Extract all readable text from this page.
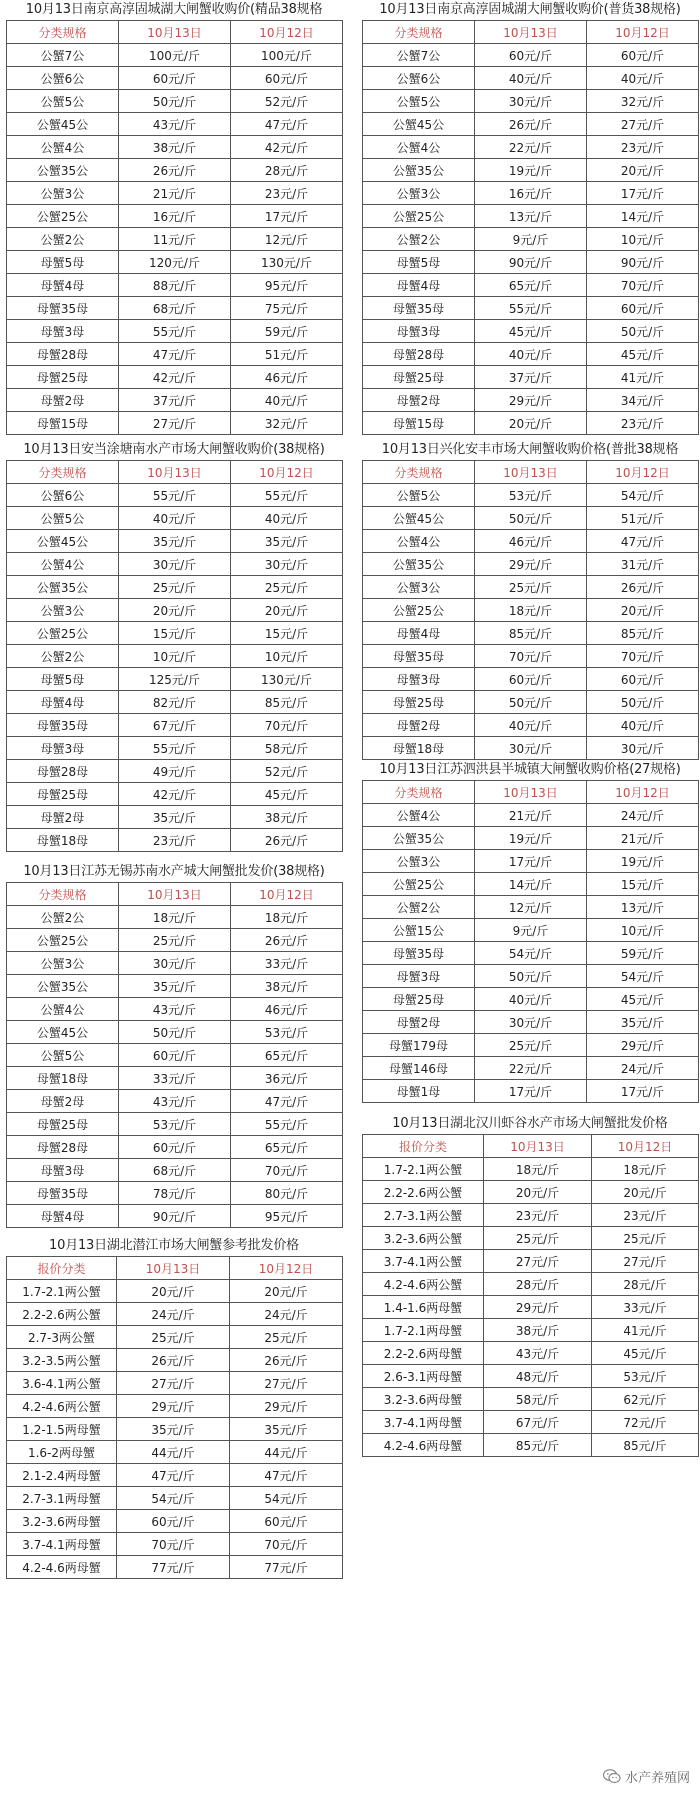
10月13日南京高淳固城湖大闸蟹收购价(精品38规格
分类规格	10月13日	10月12日
公蟹7公	100元/斤	100元/斤
公蟹6公	60元/斤	60元/斤
公蟹5公	50元/斤	52元/斤
公蟹45公	43元/斤	47元/斤
公蟹4公	38元/斤	42元/斤
公蟹35公	26元/斤	28元/斤
公蟹3公	21元/斤	23元/斤
公蟹25公	16元/斤	17元/斤
公蟹2公	11元/斤	12元/斤
母蟹5母	120元/斤	130元/斤
母蟹4母	88元/斤	95元/斤
母蟹35母	68元/斤	75元/斤
母蟹3母	55元/斤	59元/斤
母蟹28母	47元/斤	51元/斤
母蟹25母	42元/斤	46元/斤
母蟹2母	37元/斤	40元/斤
母蟹15母	27元/斤	32元/斤
10月13日安当涂塘南水产市场大闸蟹收购价(38规格)
分类规格	10月13日	10月12日
公蟹6公	55元/斤	55元/斤
公蟹5公	40元/斤	40元/斤
公蟹45公	35元/斤	35元/斤
公蟹4公	30元/斤	30元/斤
公蟹35公	25元/斤	25元/斤
公蟹3公	20元/斤	20元/斤
公蟹25公	15元/斤	15元/斤
公蟹2公	10元/斤	10元/斤
母蟹5母	125元/斤	130元/斤
母蟹4母	82元/斤	85元/斤
母蟹35母	67元/斤	70元/斤
母蟹3母	55元/斤	58元/斤
母蟹28母	49元/斤	52元/斤
母蟹25母	42元/斤	45元/斤
母蟹2母	35元/斤	38元/斤
母蟹18母	23元/斤	26元/斤
10月13日江苏无锡苏南水产城大闸蟹批发价(38规格)
分类规格	10月13日	10月12日
公蟹2公	18元/斤	18元/斤
公蟹25公	25元/斤	26元/斤
公蟹3公	30元/斤	33元/斤
公蟹35公	35元/斤	38元/斤
公蟹4公	43元/斤	46元/斤
公蟹45公	50元/斤	53元/斤
公蟹5公	60元/斤	65元/斤
母蟹18母	33元/斤	36元/斤
母蟹2母	43元/斤	47元/斤
母蟹25母	53元/斤	55元/斤
母蟹28母	60元/斤	65元/斤
母蟹3母	68元/斤	70元/斤
母蟹35母	78元/斤	80元/斤
母蟹4母	90元/斤	95元/斤
10月13日湖北潜江市场大闸蟹参考批发价格
报价分类	10月13日	10月12日
1.7-2.1两公蟹	20元/斤	20元/斤
2.2-2.6两公蟹	24元/斤	24元/斤
2.7-3两公蟹	25元/斤	25元/斤
3.2-3.5两公蟹	26元/斤	26元/斤
3.6-4.1两公蟹	27元/斤	27元/斤
4.2-4.6两公蟹	29元/斤	29元/斤
1.2-1.5两母蟹	35元/斤	35元/斤
1.6-2两母蟹	44元/斤	44元/斤
2.1-2.4两母蟹	47元/斤	47元/斤
2.7-3.1两母蟹	54元/斤	54元/斤
3.2-3.6两母蟹	60元/斤	60元/斤
3.7-4.1两母蟹	70元/斤	70元/斤
4.2-4.6两母蟹	77元/斤	77元/斤
10月13日南京高淳固城湖大闸蟹收购价(普货38规格)
分类规格	10月13日	10月12日
公蟹7公	60元/斤	60元/斤
公蟹6公	40元/斤	40元/斤
公蟹5公	30元/斤	32元/斤
公蟹45公	26元/斤	27元/斤
公蟹4公	22元/斤	23元/斤
公蟹35公	19元/斤	20元/斤
公蟹3公	16元/斤	17元/斤
公蟹25公	13元/斤	14元/斤
公蟹2公	9元/斤	10元/斤
母蟹5母	90元/斤	90元/斤
母蟹4母	65元/斤	70元/斤
母蟹35母	55元/斤	60元/斤
母蟹3母	45元/斤	50元/斤
母蟹28母	40元/斤	45元/斤
母蟹25母	37元/斤	41元/斤
母蟹2母	29元/斤	34元/斤
母蟹15母	20元/斤	23元/斤
10月13日兴化安丰市场大闸蟹收购价格(普批38规格
分类规格	10月13日	10月12日
公蟹5公	53元/斤	54元/斤
公蟹45公	50元/斤	51元/斤
公蟹4公	46元/斤	47元/斤
公蟹35公	29元/斤	31元/斤
公蟹3公	25元/斤	26元/斤
公蟹25公	18元/斤	20元/斤
母蟹4母	85元/斤	85元/斤
母蟹35母	70元/斤	70元/斤
母蟹3母	60元/斤	60元/斤
母蟹25母	50元/斤	50元/斤
母蟹2母	40元/斤	40元/斤
母蟹18母	30元/斤	30元/斤
10月13日江苏泗洪县半城镇大闸蟹收购价格(27规格)
分类规格	10月13日	10月12日
公蟹4公	21元/斤	24元/斤
公蟹35公	19元/斤	21元/斤
公蟹3公	17元/斤	19元/斤
公蟹25公	14元/斤	15元/斤
公蟹2公	12元/斤	13元/斤
公蟹15公	9元/斤	10元/斤
母蟹35母	54元/斤	59元/斤
母蟹3母	50元/斤	54元/斤
母蟹25母	40元/斤	45元/斤
母蟹2母	30元/斤	35元/斤
母蟹179母	25元/斤	29元/斤
母蟹146母	22元/斤	24元/斤
母蟹1母	17元/斤	17元/斤
10月13日湖北汉川虾谷水产市场大闸蟹批发价格
报价分类	10月13日	10月12日
1.7-2.1两公蟹	18元/斤	18元/斤
2.2-2.6两公蟹	20元/斤	20元/斤
2.7-3.1两公蟹	23元/斤	23元/斤
3.2-3.6两公蟹	25元/斤	25元/斤
3.7-4.1两公蟹	27元/斤	27元/斤
4.2-4.6两公蟹	28元/斤	28元/斤
1.4-1.6两母蟹	29元/斤	33元/斤
1.7-2.1两母蟹	38元/斤	41元/斤
2.2-2.6两母蟹	43元/斤	45元/斤
2.6-3.1两母蟹	48元/斤	53元/斤
3.2-3.6两母蟹	58元/斤	62元/斤
3.7-4.1两母蟹	67元/斤	72元/斤
4.2-4.6两母蟹	85元/斤	85元/斤
水产养殖网
